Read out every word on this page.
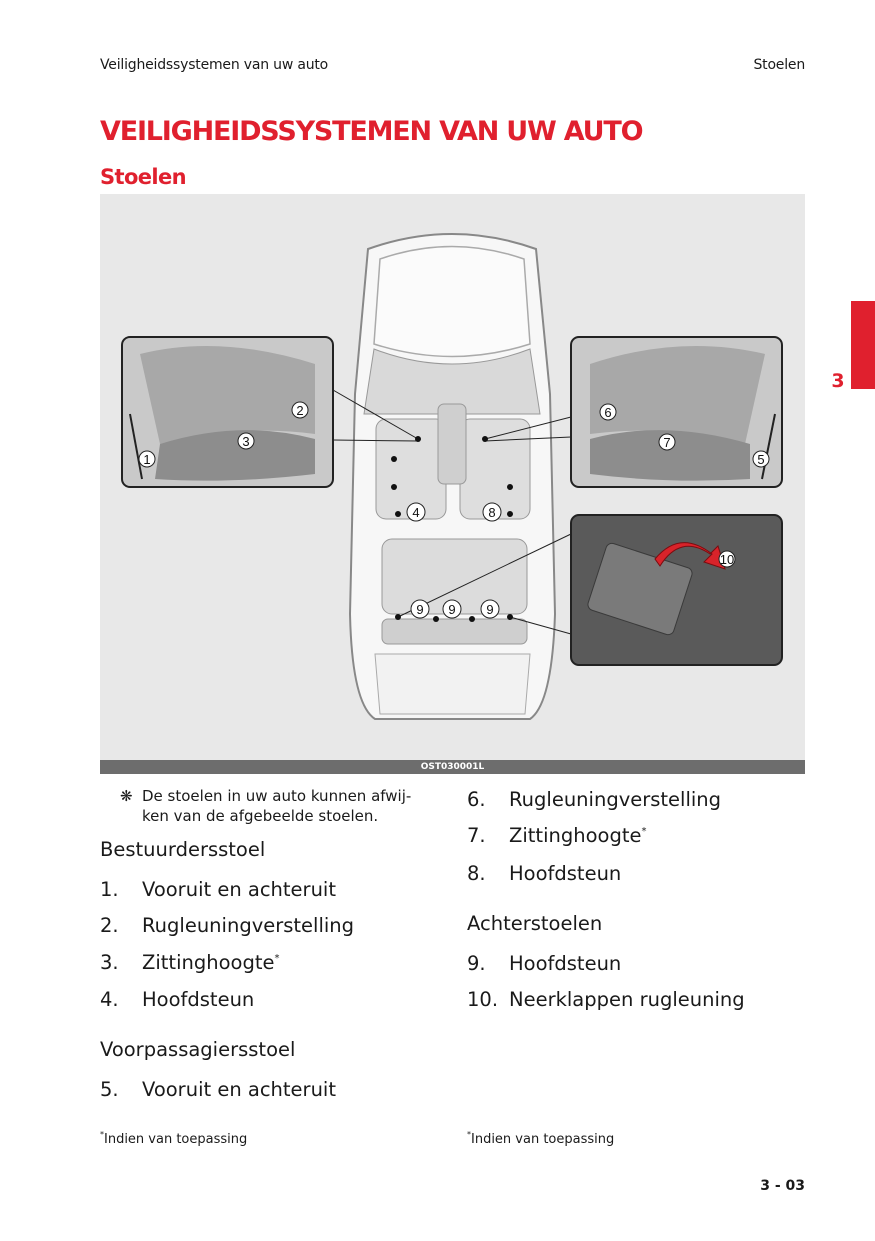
Veiligheidssystemen van uw auto	Stoelen
VEILIGHEIDSSYSTEMEN VAN UW AUTO
Stoelen
3
1
2
3
5
6
7
10
4	8
9 9 9
OST030001L
❋ De stoelen in uw auto kunnen afwij-
ken van de afgebeelde stoelen.
Bestuurdersstoel
1. Vooruit en achteruit
2. Rugleuningverstelling
3. Zittinghoogte*
4. Hoofdsteun
Voorpassagiersstoel
5. Vooruit en achteruit
6. Rugleuningverstelling
7. Zittinghoogte*
8. Hoofdsteun
Achterstoelen
9. Hoofdsteun
10. Neerklappen rugleuning
*Indien van toepassing	*Indien van toepassing
3 - 03
